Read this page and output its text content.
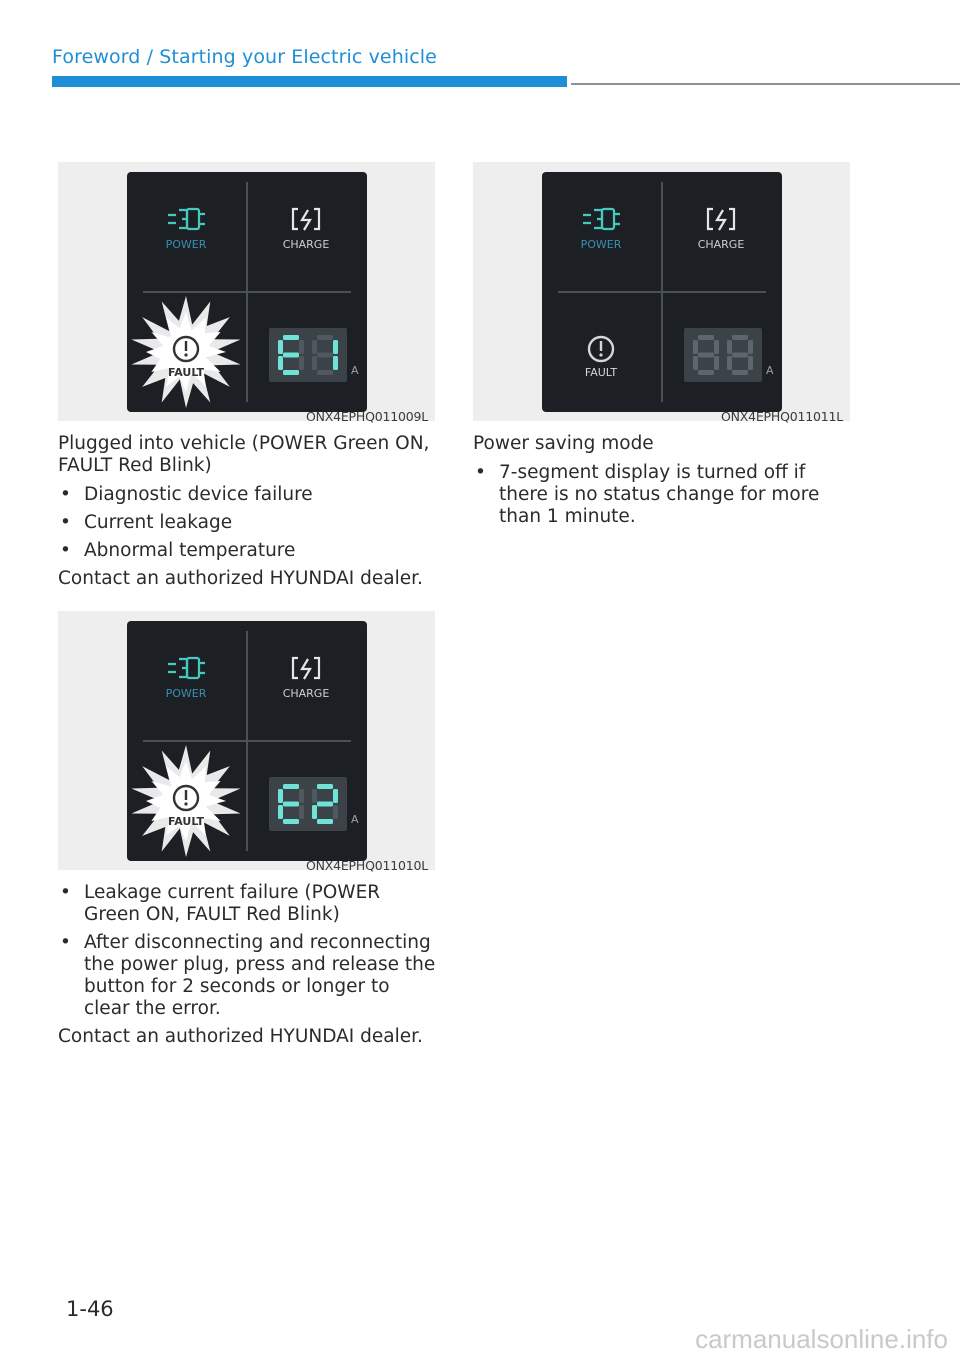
Foreword / Starting your Electric vehicle
POWER	CHARGE
FAULT	A
ONX4EPHQ011009L
POWER	CHARGE
FAULT	A
ONX4EPHQ011010L
POWER	CHARGE
FAULT	A
ONX4EPHQ011011L

Plugged into vehicle (POWER Green ON, FAULT Red Blink)

• Diagnostic device failure
• Current leakage
• Abnormal temperature

Contact an authorized HYUNDAI dealer.

• Leakage current failure (POWER Green ON, FAULT Red Blink)
• After disconnecting and reconnecting the power plug, press and release the button for 2 seconds or longer to clear the error.

Contact an authorized HYUNDAI dealer.

Power saving mode

• 7-segment display is turned off if there is no status change for more than 1 minute.
1-46
carmanualsonline.info
